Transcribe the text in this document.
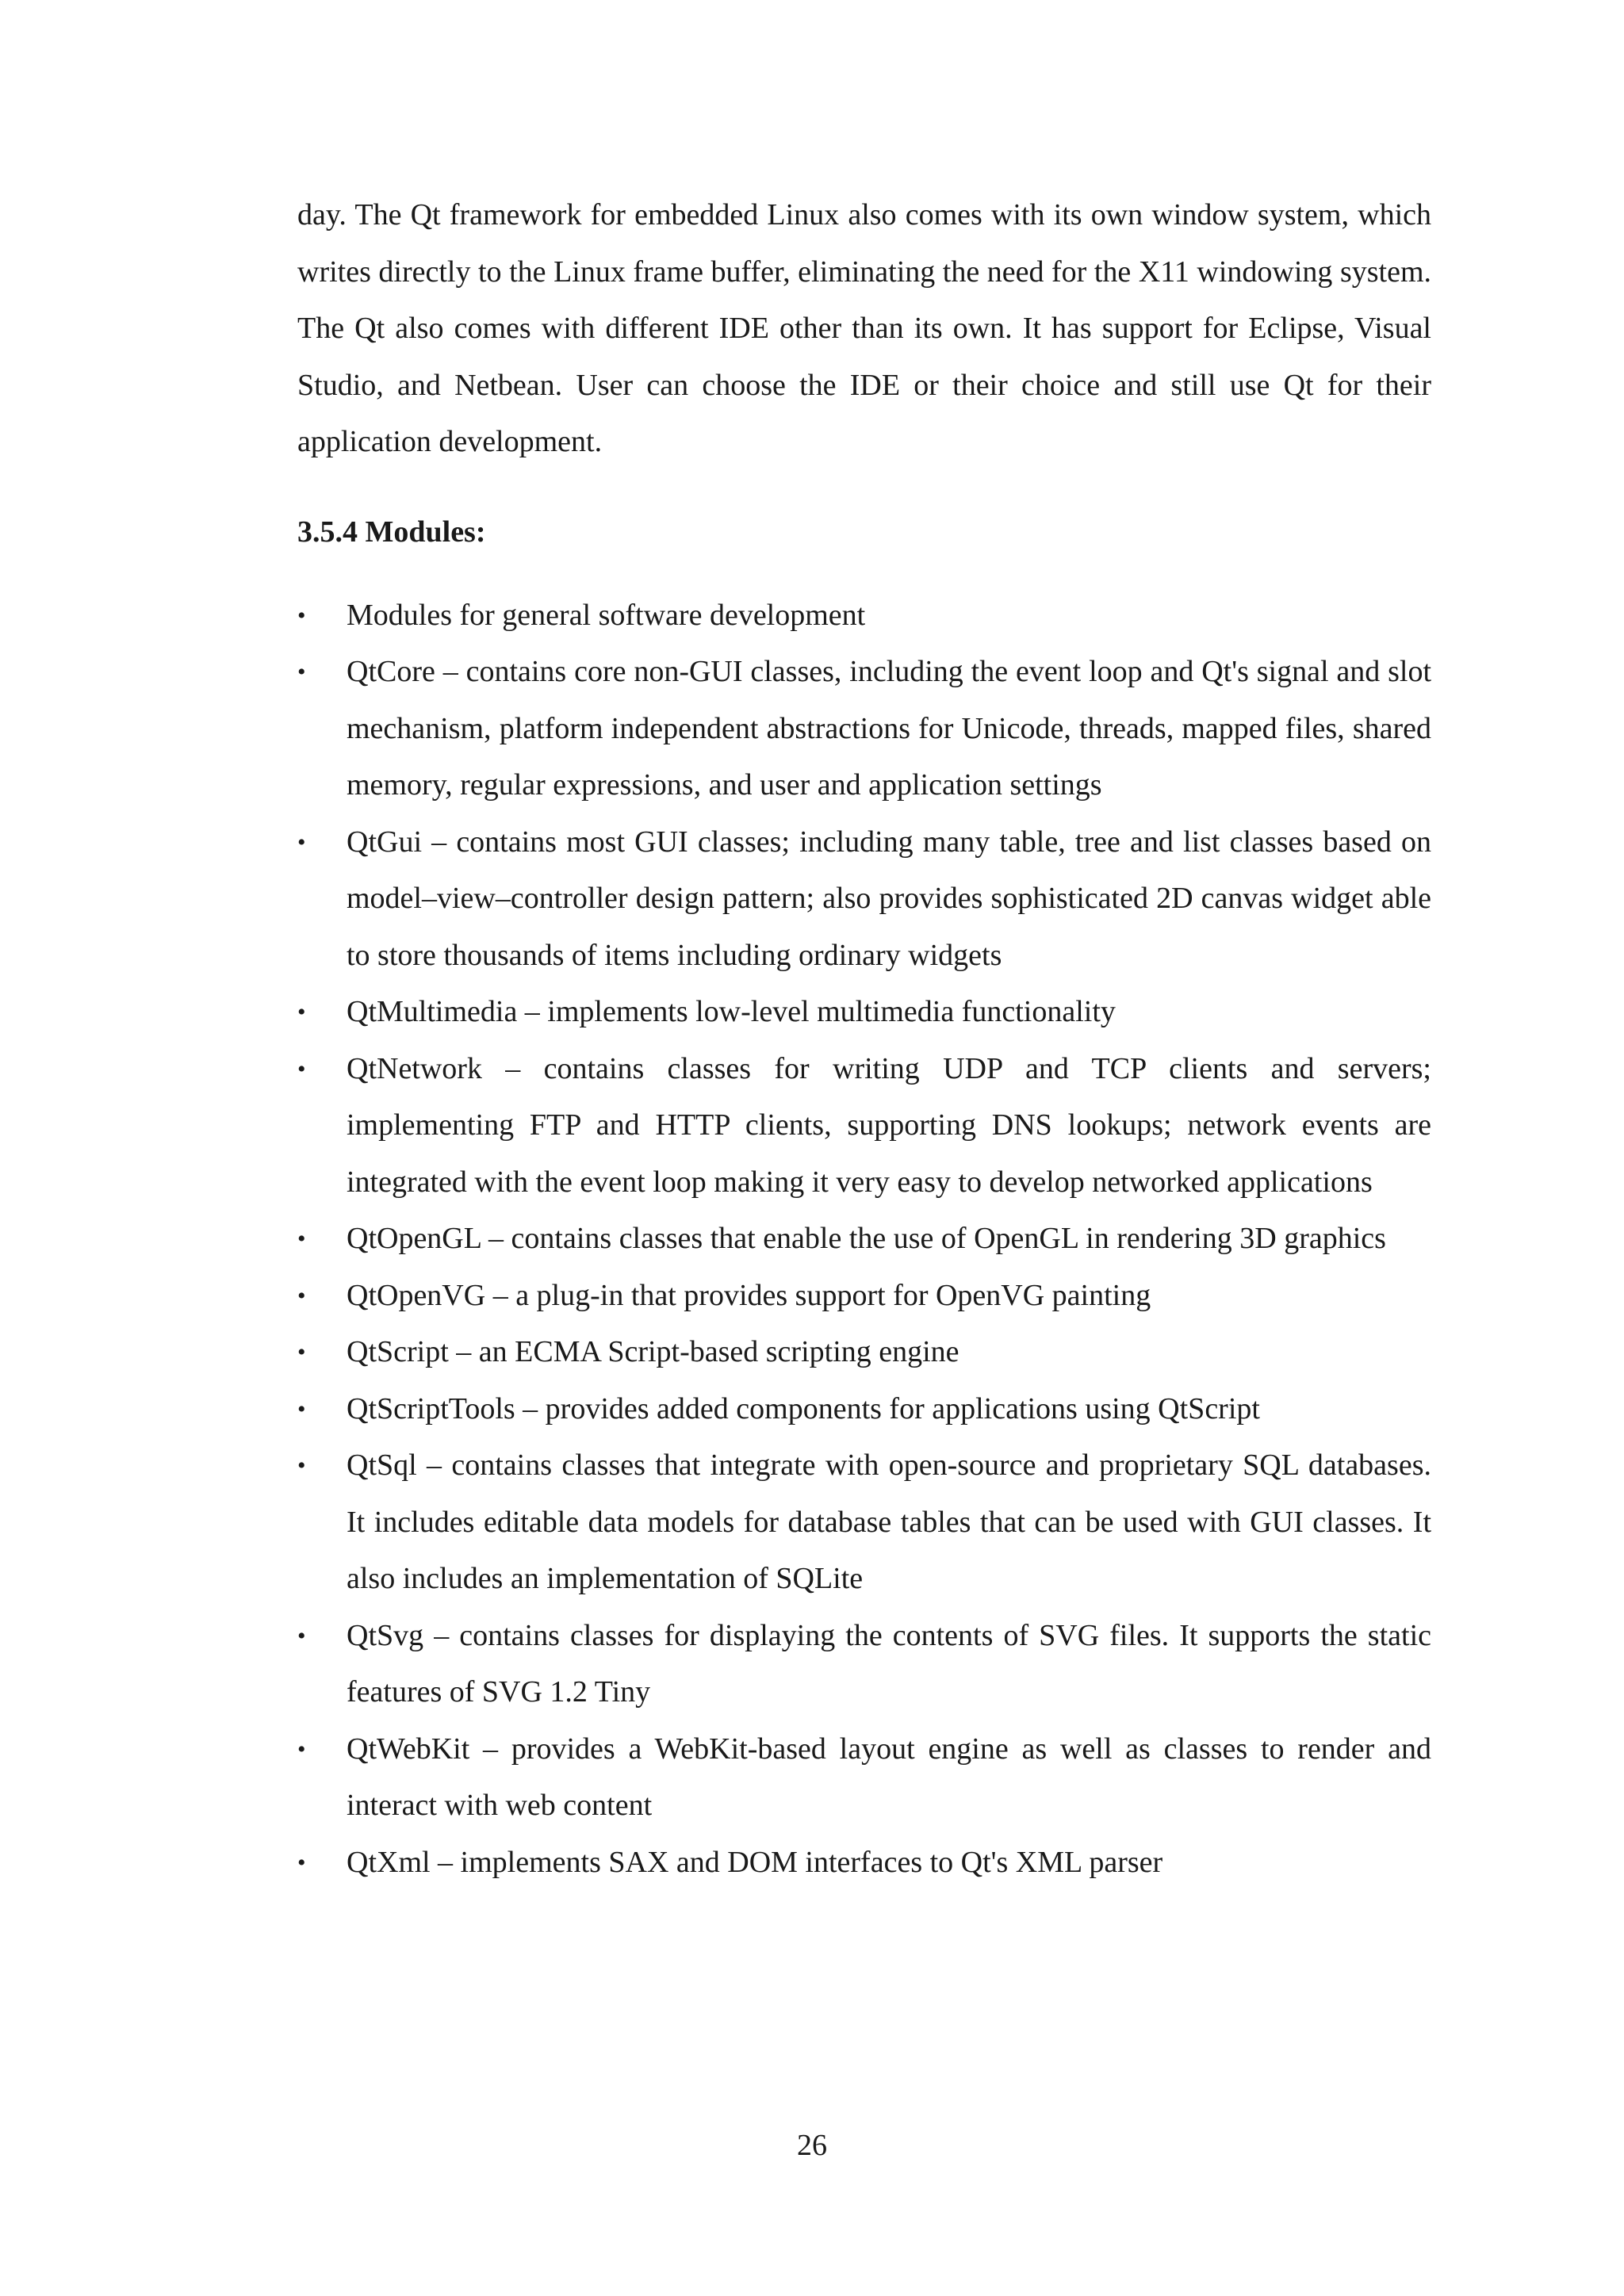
day. The Qt framework for embedded Linux also comes with its own window system, which writes directly to the Linux frame buffer, eliminating the need for the X11 windowing system. The Qt also comes with different IDE other than its own. It has support for Eclipse, Visual Studio, and Netbean. User can choose the IDE or their choice and still use Qt for their application development.

3.5.4 Modules:
• Modules for general software development
• QtCore – contains core non-GUI classes, including the event loop and Qt's signal and slot mechanism, platform independent abstractions for Unicode, threads, mapped files, shared memory, regular expressions, and user and application settings
• QtGui – contains most GUI classes; including many table, tree and list classes based on model–view–controller design pattern; also provides sophisticated 2D canvas widget able to store thousands of items including ordinary widgets
• QtMultimedia – implements low-level multimedia functionality
• QtNetwork – contains classes for writing UDP and TCP clients and servers; implementing FTP and HTTP clients, supporting DNS lookups; network events are integrated with the event loop making it very easy to develop networked applications
• QtOpenGL – contains classes that enable the use of OpenGL in rendering 3D graphics
• QtOpenVG – a plug-in that provides support for OpenVG painting
• QtScript – an ECMA Script-based scripting engine
• QtScriptTools – provides added components for applications using QtScript
• QtSql – contains classes that integrate with open-source and proprietary SQL databases. It includes editable data models for database tables that can be used with GUI classes. It also includes an implementation of SQLite
• QtSvg – contains classes for displaying the contents of SVG files. It supports the static features of SVG 1.2 Tiny
• QtWebKit – provides a WebKit-based layout engine as well as classes to render and interact with web content
• QtXml – implements SAX and DOM interfaces to Qt's XML parser
26
